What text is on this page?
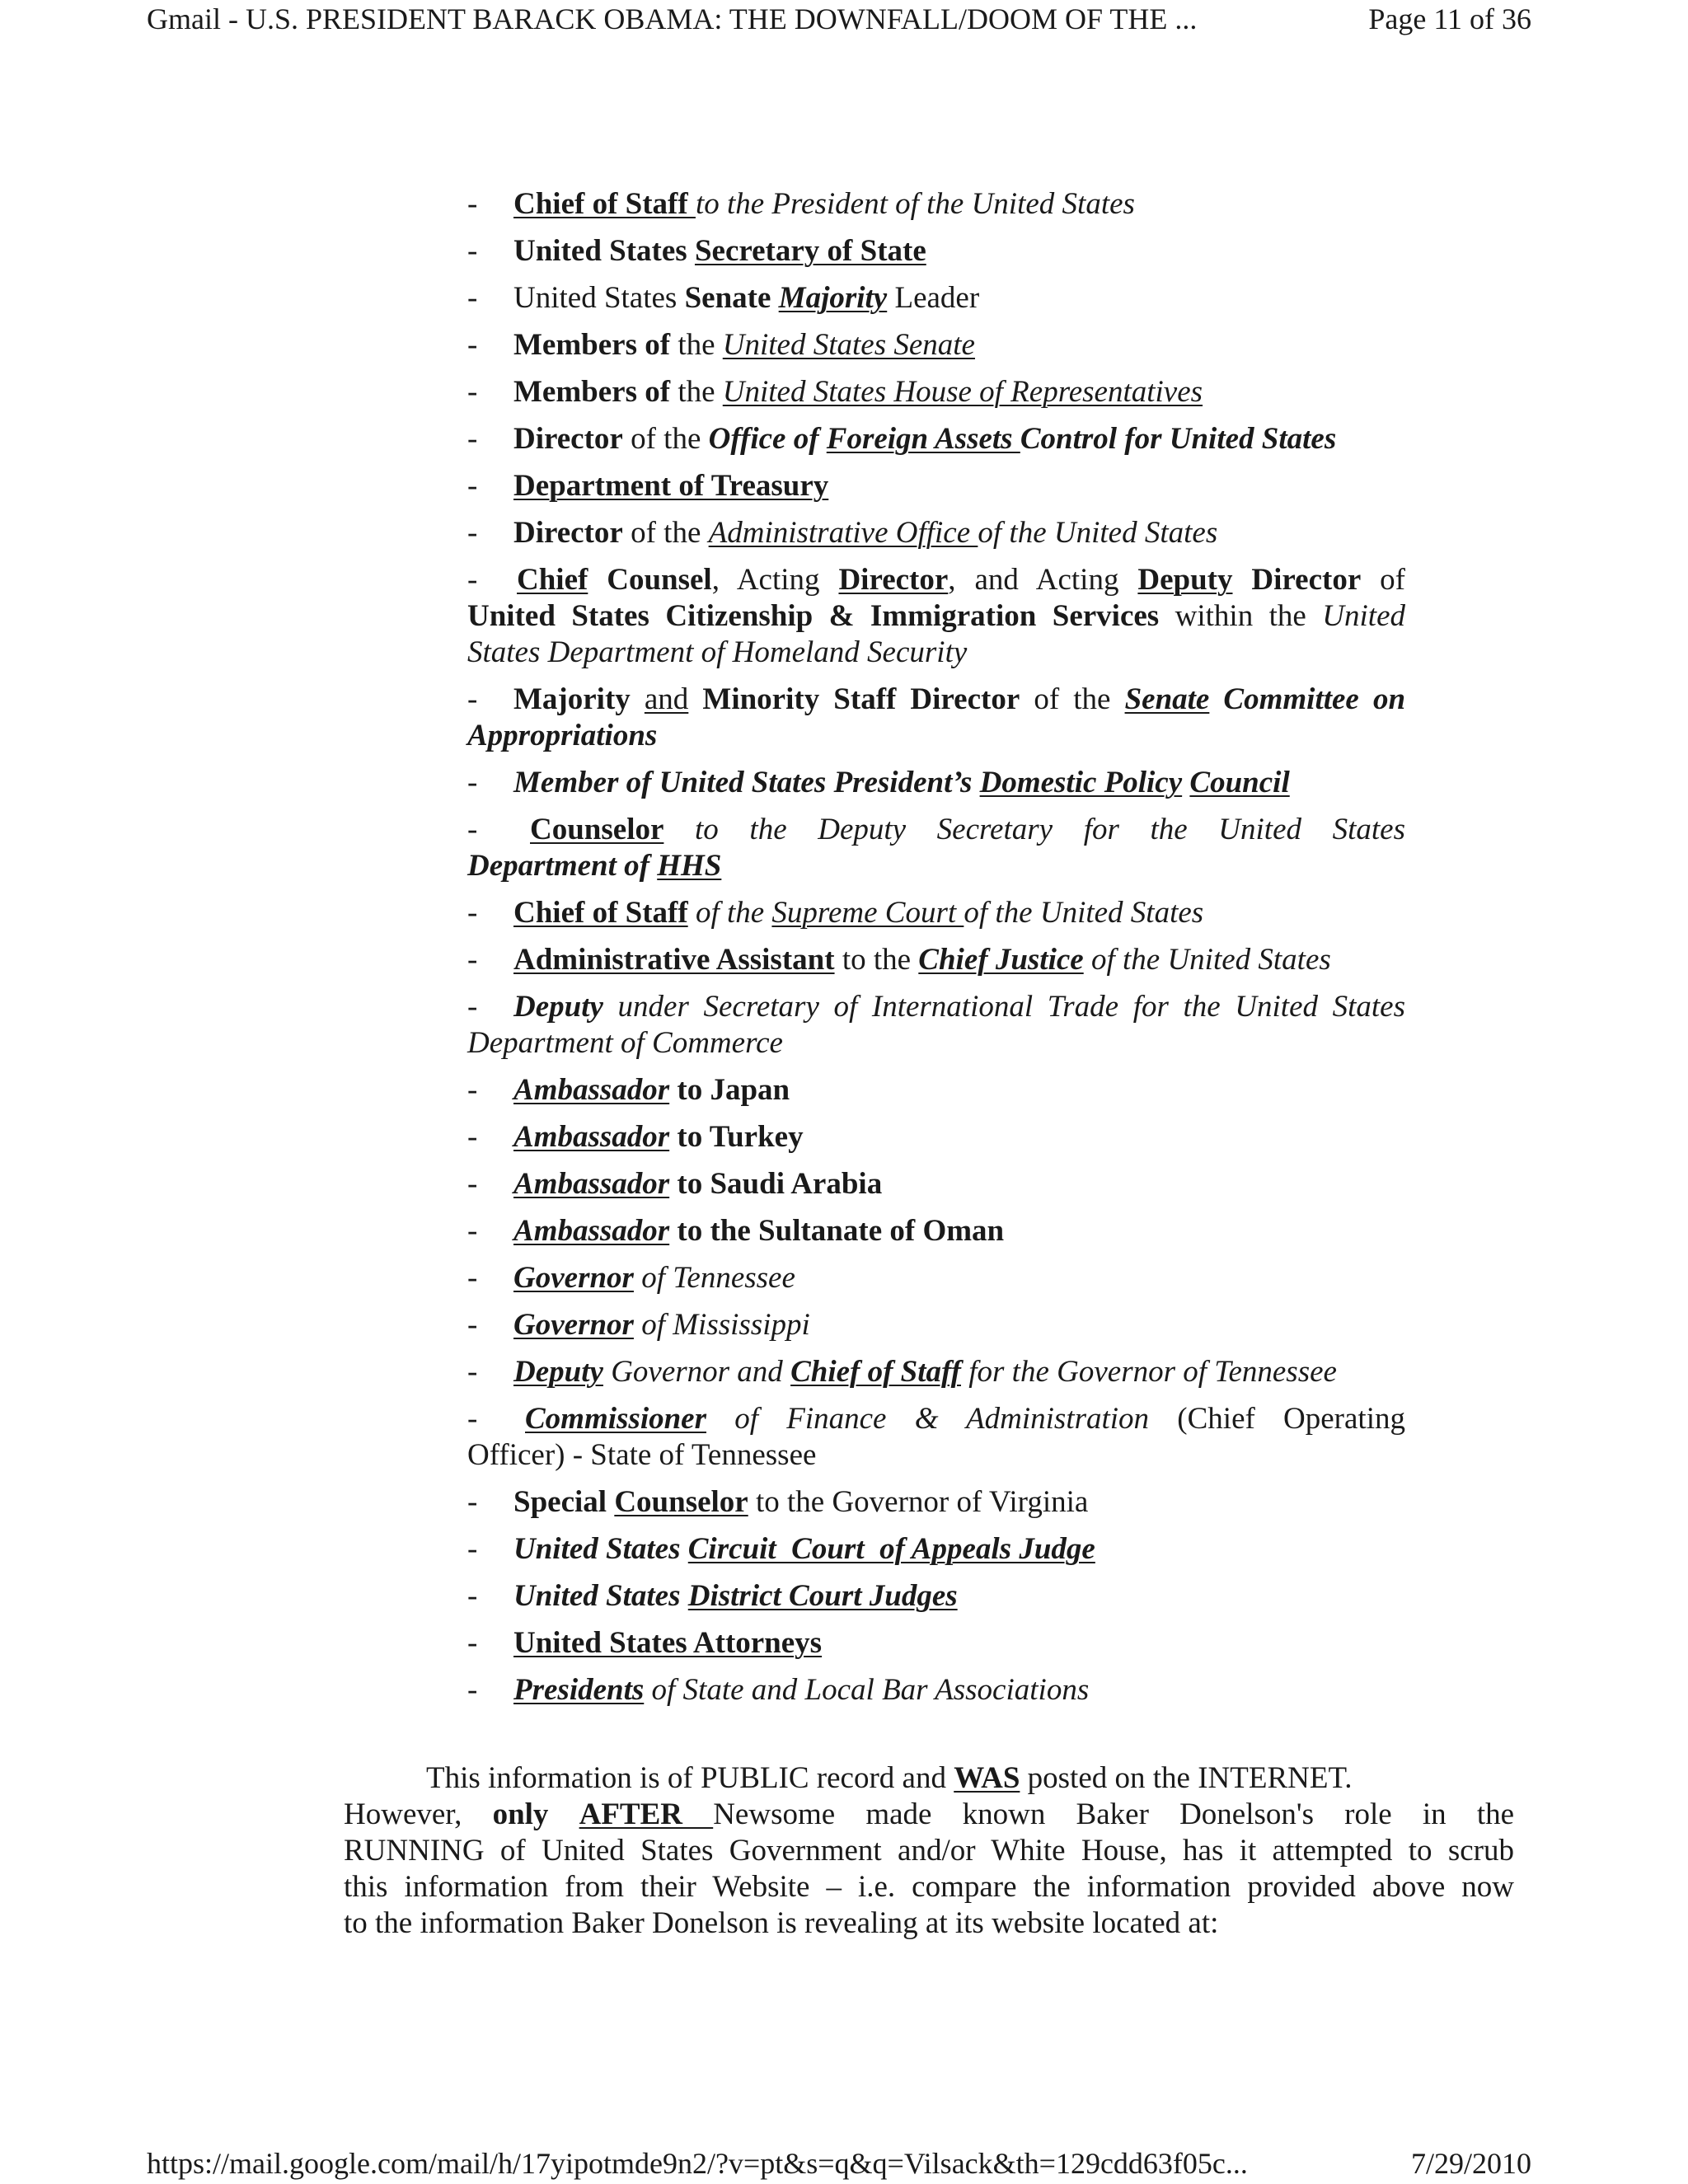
Gmail - U.S. PRESIDENT BARACK OBAMA: THE DOWNFALL/DOOM OF THE ...	Page 11 of 36
- Chief of Staff to the President of the United States
- United States Secretary of State
- United States Senate Majority Leader
- Members of the United States Senate
- Members of the United States House of Representatives
- Director of the Office of Foreign Assets Control for United States
- Department of Treasury
- Director of the Administrative Office of the United States
- Chief Counsel, Acting Director, and Acting Deputy Director of
United States Citizenship & Immigration Services within the United
States Department of Homeland Security
- Majority and Minority Staff Director of the Senate Committee on
Appropriations
- Member of United States President’s Domestic Policy Council
- Counselor to the Deputy Secretary for the United States
Department of HHS
- Chief of Staff of the Supreme Court of the United States
- Administrative Assistant to the Chief Justice of the United States
- Deputy under Secretary of International Trade for the United States
Department of Commerce
- Ambassador to Japan
- Ambassador to Turkey
- Ambassador to Saudi Arabia
- Ambassador to the Sultanate of Oman
- Governor of Tennessee
- Governor of Mississippi
- Deputy Governor and Chief of Staff for the Governor of Tennessee
- Commissioner of Finance & Administration (Chief Operating
Officer) - State of Tennessee
- Special Counselor to the Governor of Virginia
- United States Circuit  Court  of Appeals Judge
- United States District Court Judges
- United States Attorneys
- Presidents of State and Local Bar Associations
This information is of PUBLIC record and WAS posted on the INTERNET.
However, only AFTER Newsome made known Baker Donelson's role in the
RUNNING of United States Government and/or White House, has it attempted to scrub
this information from their Website – i.e. compare the information provided above now
to the information Baker Donelson is revealing at its website located at:
https://mail.google.com/mail/h/17yipotmde9n2/?v=pt&s=q&q=Vilsack&th=129cdd63f05c...	7/29/2010
